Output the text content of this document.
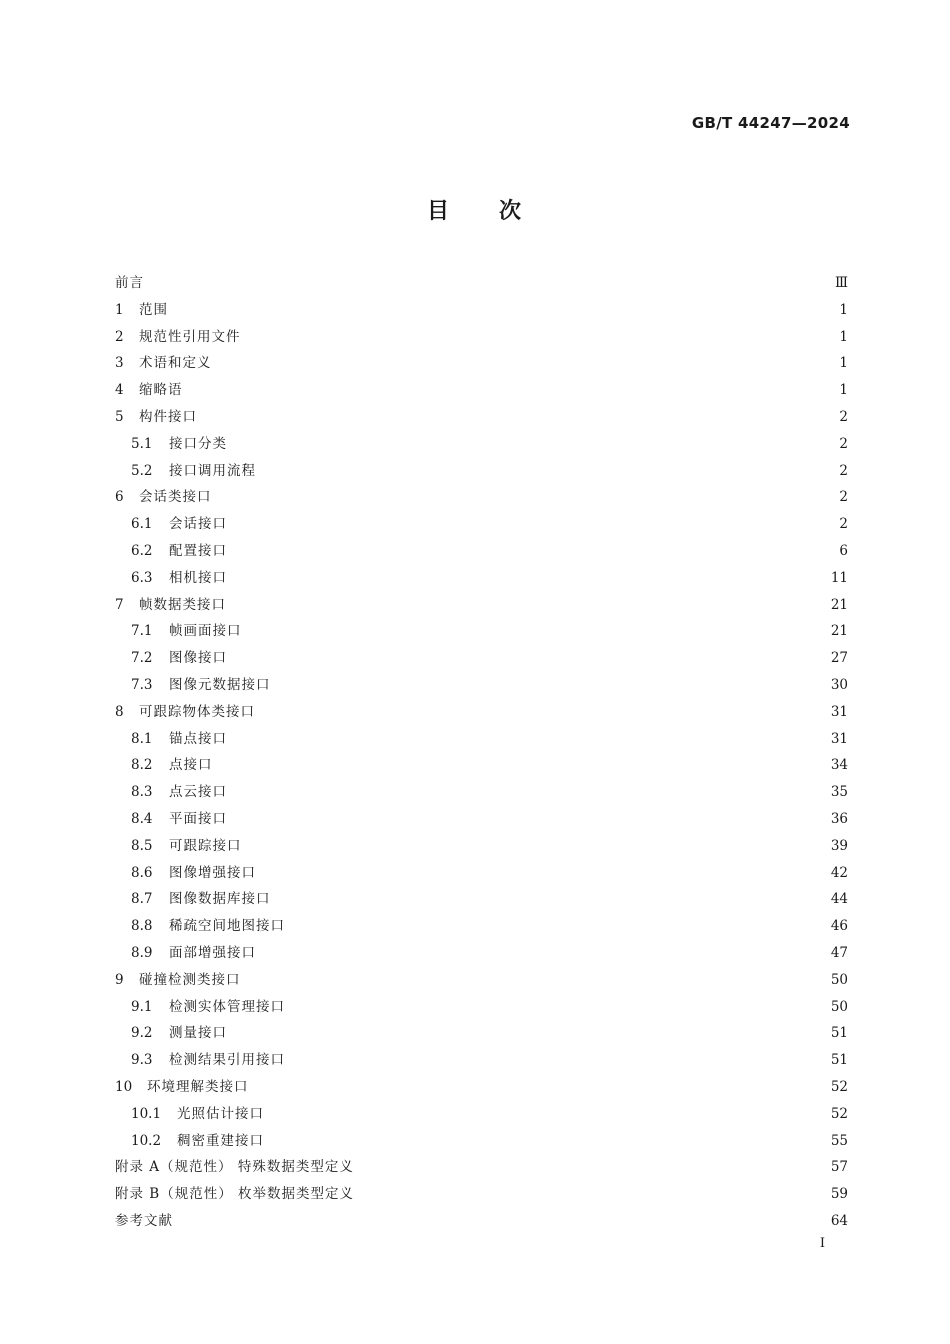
GB/T 44247—2024
目 次
前言	Ⅲ
1	范围	1
2	规范性引用文件	1
3	术语和定义	1
4	缩略语	1
5	构件接口	2
5.1	接口分类	2
5.2	接口调用流程	2
6	会话类接口	2
6.1	会话接口	2
6.2	配置接口	6
6.3	相机接口	11
7	帧数据类接口	21
7.1	帧画面接口	21
7.2	图像接口	27
7.3	图像元数据接口	30
8	可跟踪物体类接口	31
8.1	锚点接口	31
8.2	点接口	34
8.3	点云接口	35
8.4	平面接口	36
8.5	可跟踪接口	39
8.6	图像增强接口	42
8.7	图像数据库接口	44
8.8	稀疏空间地图接口	46
8.9	面部增强接口	47
9	碰撞检测类接口	50
9.1	检测实体管理接口	50
9.2	测量接口	51
9.3	检测结果引用接口	51
10	环境理解类接口	52
10.1	光照估计接口	52
10.2	稠密重建接口	55
附录 A（规范性） 特殊数据类型定义	57
附录 B（规范性） 枚举数据类型定义	59
参考文献	64
I
